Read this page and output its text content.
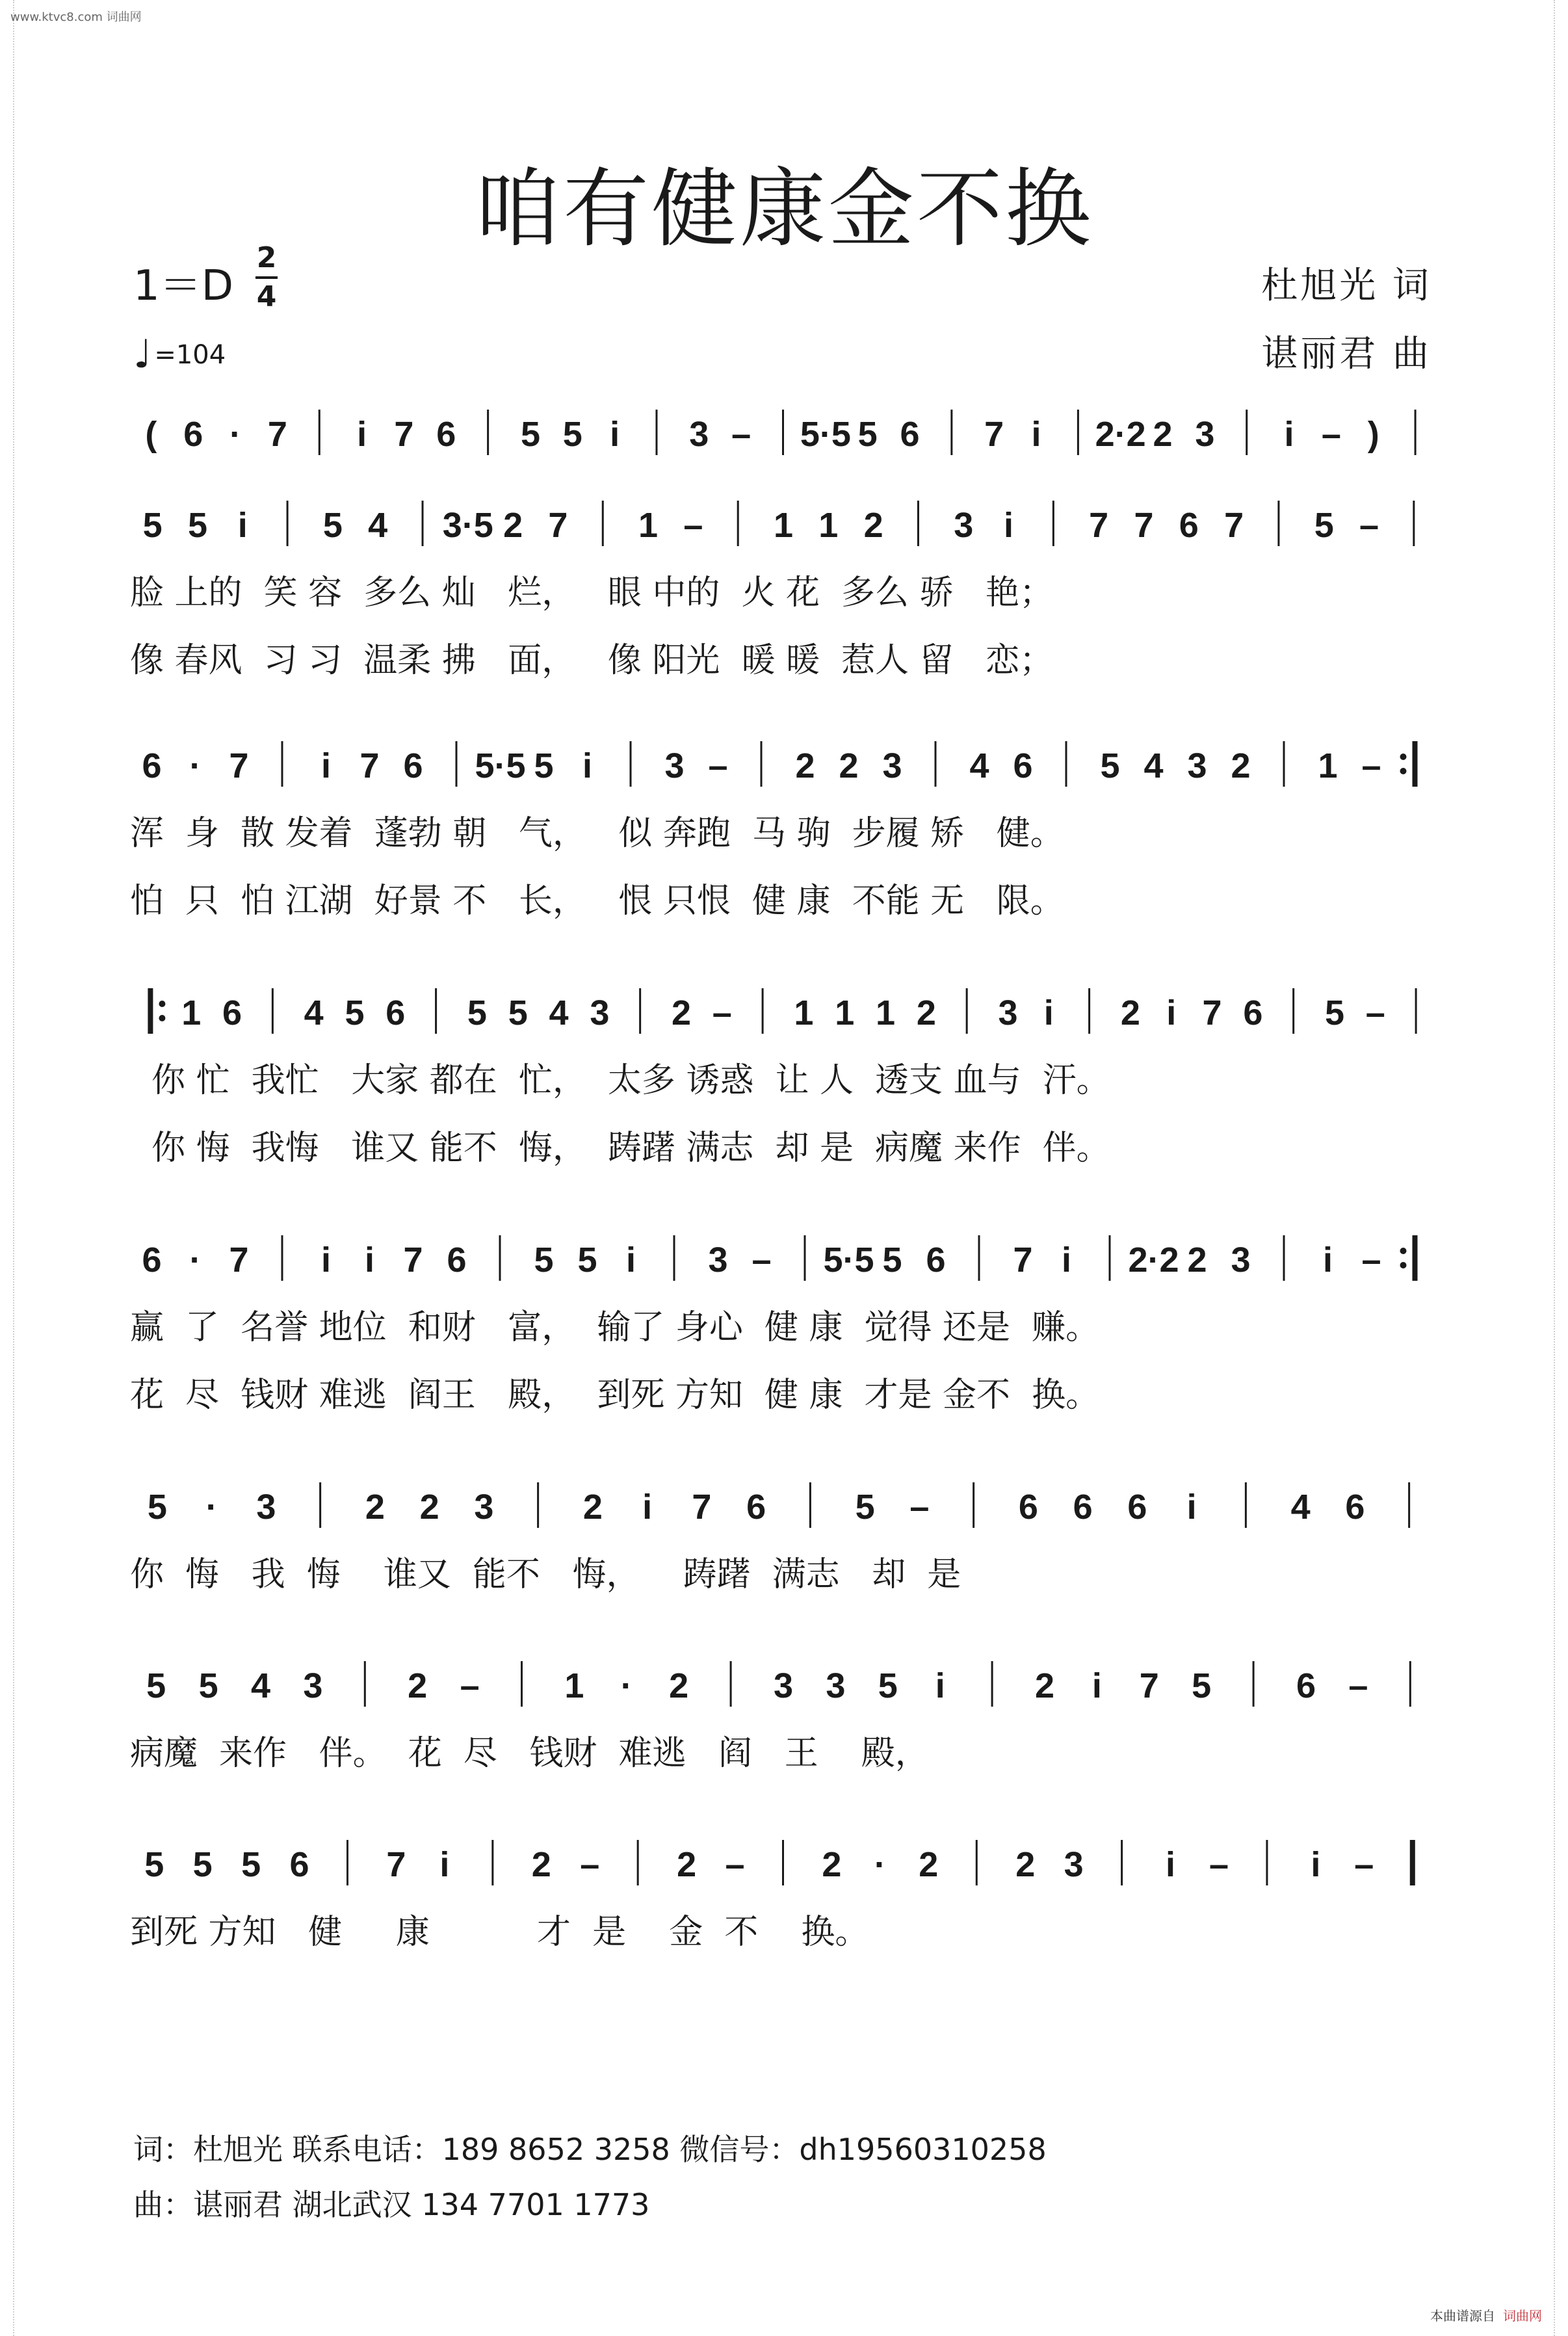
www.ktvc8.com 词曲网
咱有健康金不换
1＝D
2
4
♩ =104
杜旭光 词
谌丽君 曲
( 6 · 7 i 7 6 5 5 i 3 – 5·5 5 6 7 i 2·2 2 3 i – )
5 5 i 5 4 3·5 2 7 1 – 1 1 2 3 i 7 7 6 7 5 –
脸 上的  笑 容  多么 灿   烂，   眼 中的  火 花  多么 骄   艳；
像 春风  习 习  温柔 拂   面，   像 阳光  暖 暖  惹人 留   恋；
6 · 7 i 7 6 5·5 5 i 3 – 2 2 3 4 6 5 4 3 2 1 –
浑  身  散 发着  蓬勃 朝   气，   似 奔跑  马 驹  步履 矫   健。
怕  只  怕 江湖  好景 不   长，   恨 只恨  健 康  不能 无   限。
1 6 4 5 6 5 5 4 3 2 – 1 1 1 2 3 i 2 i 7 6 5 –
你 忙  我忙   大家 都在  忙，  太多 诱惑  让 人  透支 血与  汗。
你 悔  我悔   谁又 能不  悔，  踌躇 满志  却 是  病魔 来作  伴。
6 · 7 i i 7 6 5 5 i 3 – 5·5 5 6 7 i 2·2 2 3 i –
赢  了  名誉 地位  和财   富，  输了 身心  健 康  觉得 还是  赚。
花  尽  钱财 难逃  阎王   殿，  到死 方知  健 康  才是 金不  换。
5 · 3	2 2 3	2 i 7 6	5 –	6 6 6 i	4 6
你  悔   我  悔    谁又  能不   悔，    踌躇  满志   却  是
5 5 4 3 2 – 1 · 2 3 3 5 i	2 i 7 5 6 –
病魔  来作   伴。  花  尽   钱财  难逃   阎   王    殿，
5 5 5 6 7 i 2 – 2 – 2 · 2 2 3 i – i –
到死 方知   健     康          才  是    金  不    换。
词：杜旭光 联系电话：189 8652 3258 微信号：dh19560310258
曲：谌丽君 湖北武汉 134 7701 1773
本曲谱源自 词曲网
